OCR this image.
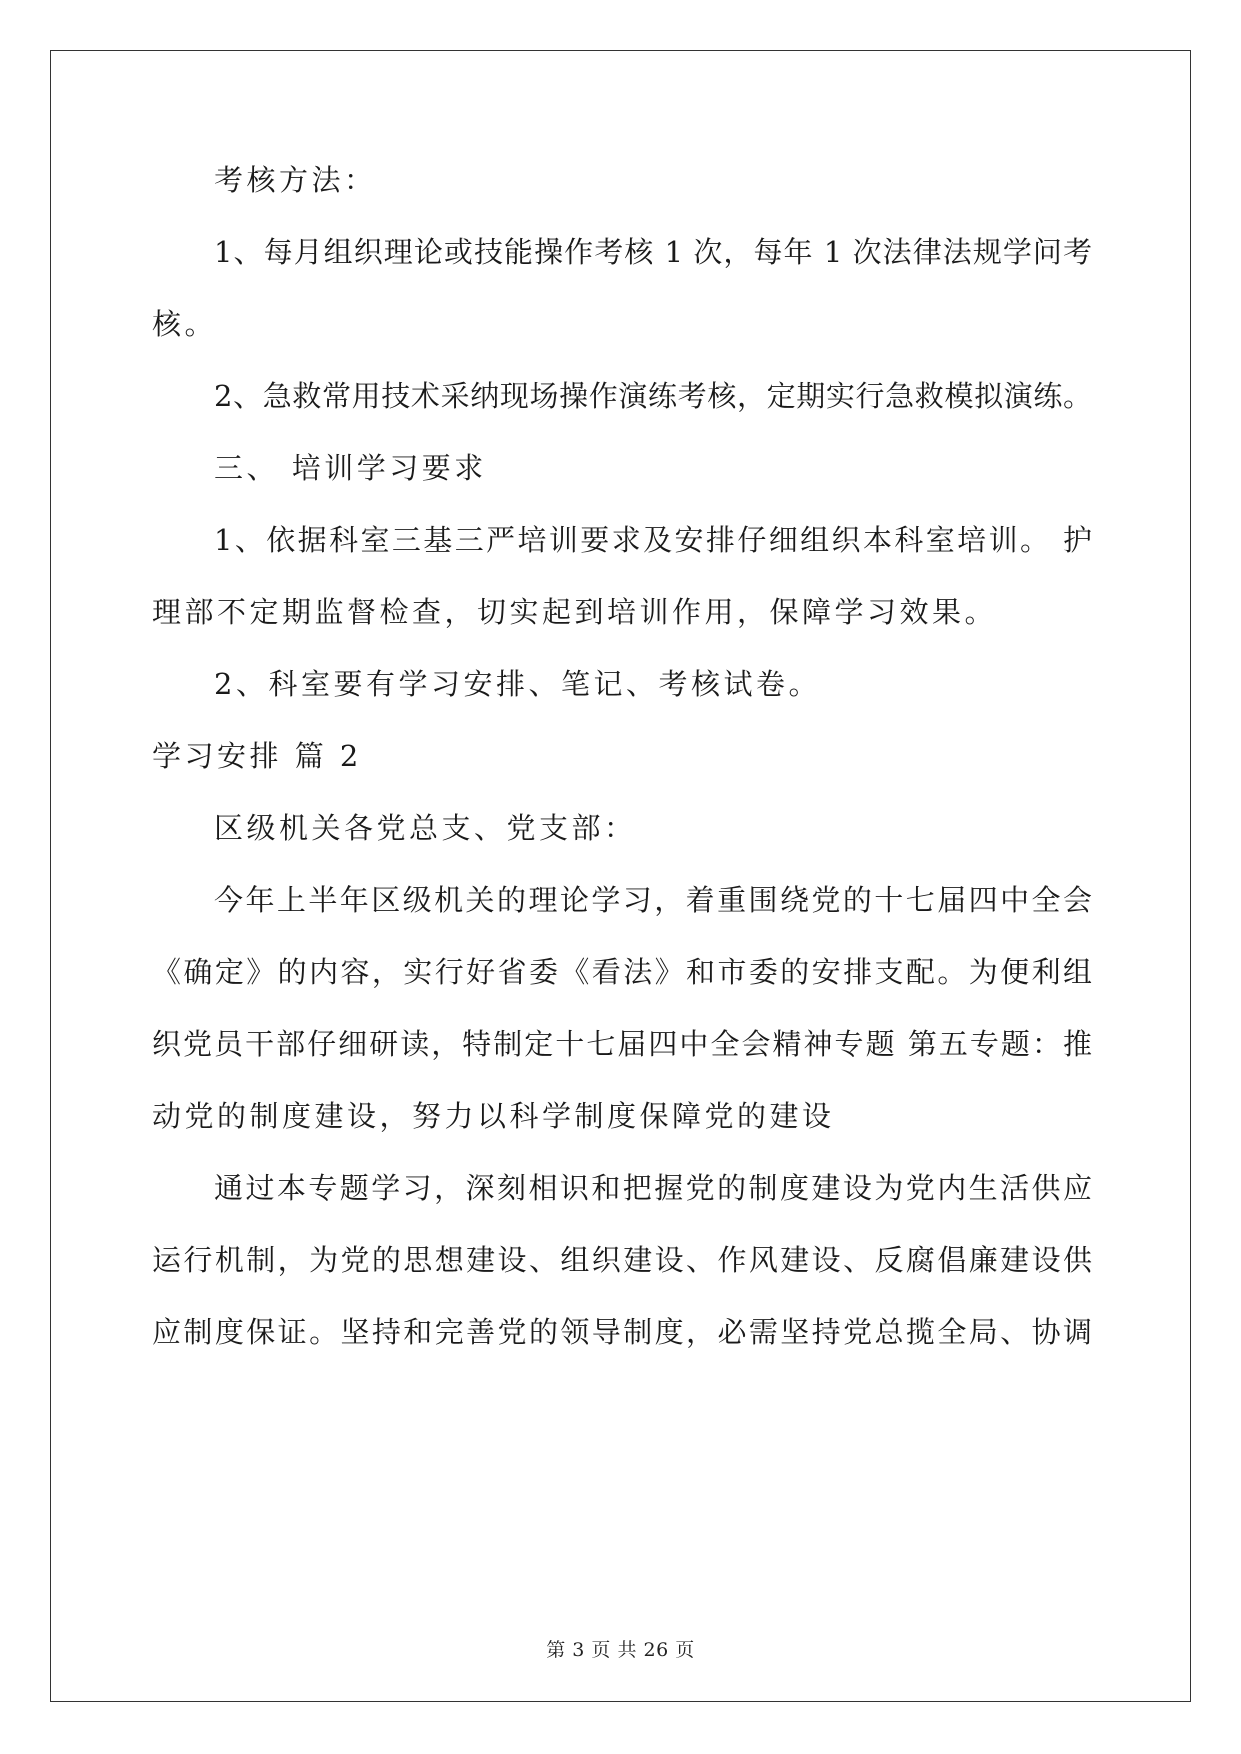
考核方法：
1、每月组织理论或技能操作考核 1 次，每年 1 次法律法规学问考
核。
2、急救常用技术采纳现场操作演练考核，定期实行急救模拟演练。
三、 培训学习要求
1、依据科室三基三严培训要求及安排仔细组织本科室培训。 护
理部不定期监督检查，切实起到培训作用，保障学习效果。
2、科室要有学习安排、笔记、考核试卷。
学习安排 篇 2
区级机关各党总支、党支部：
今年上半年区级机关的理论学习，着重围绕党的十七届四中全会
《确定》的内容，实行好省委《看法》和市委的安排支配。为便利组
织党员干部仔细研读，特制定十七届四中全会精神专题 第五专题：推
动党的制度建设，努力以科学制度保障党的建设
通过本专题学习，深刻相识和把握党的制度建设为党内生活供应
运行机制，为党的思想建设、组织建设、作风建设、反腐倡廉建设供
应制度保证。坚持和完善党的领导制度，必需坚持党总揽全局、协调
第 3 页 共 26 页
